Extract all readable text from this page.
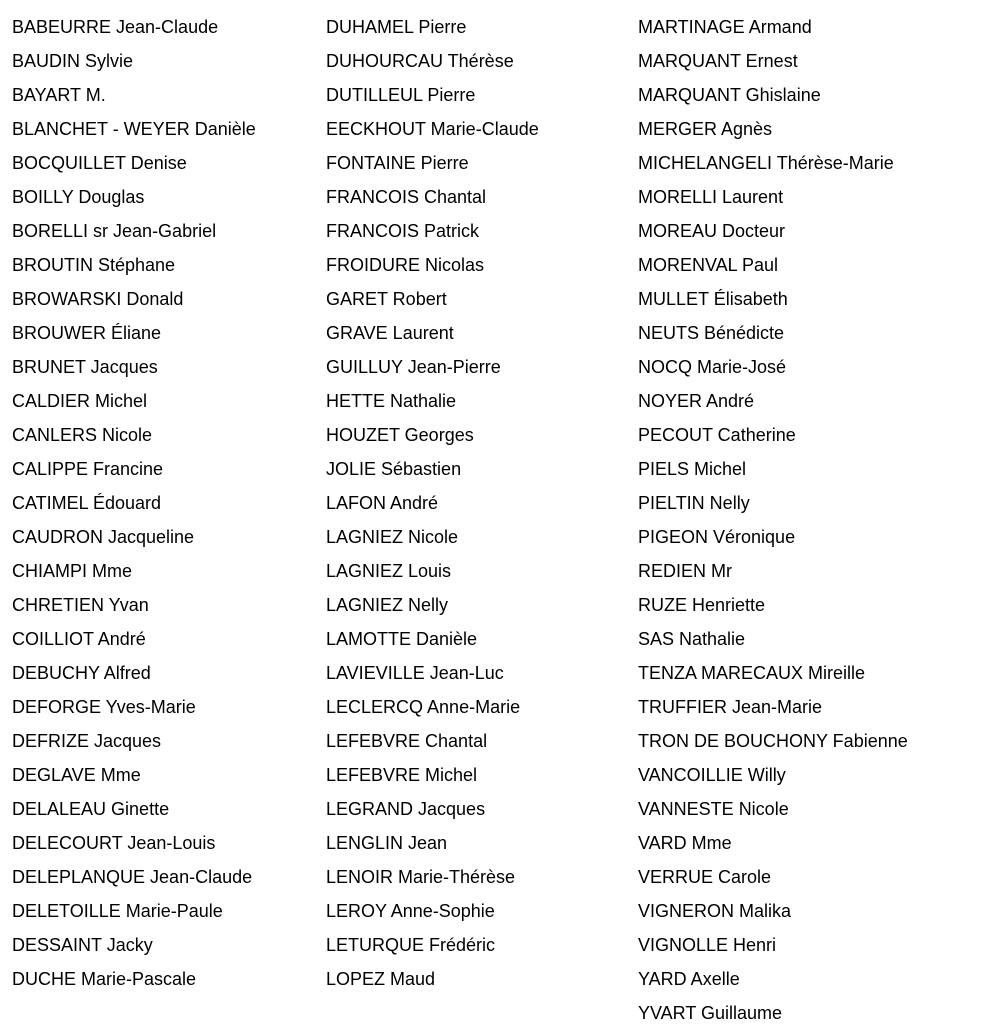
BABEURRE Jean-Claude
BAUDIN Sylvie
BAYART M.
BLANCHET - WEYER Danièle
BOCQUILLET Denise
BOILLY Douglas
BORELLI sr Jean-Gabriel
BROUTIN Stéphane
BROWARSKI Donald
BROUWER Éliane
BRUNET Jacques
CALDIER Michel
CANLERS Nicole
CALIPPE Francine
CATIMEL Édouard
CAUDRON Jacqueline
CHIAMPI Mme
CHRETIEN Yvan
COILLIOT André
DEBUCHY Alfred
DEFORGE Yves-Marie
DEFRIZE Jacques
DEGLAVE Mme
DELALEAU Ginette
DELECOURT Jean-Louis
DELEPLANQUE Jean-Claude
DELETOILLE Marie-Paule
DESSAINT Jacky
DUCHE Marie-Pascale
DUHAMEL Pierre
DUHOURCAU Thérèse
DUTILLEUL Pierre
EECKHOUT Marie-Claude
FONTAINE Pierre
FRANCOIS Chantal
FRANCOIS Patrick
FROIDURE Nicolas
GARET Robert
GRAVE Laurent
GUILLUY Jean-Pierre
HETTE Nathalie
HOUZET Georges
JOLIE Sébastien
LAFON André
LAGNIEZ Nicole
LAGNIEZ Louis
LAGNIEZ Nelly
LAMOTTE Danièle
LAVIEVILLE Jean-Luc
LECLERCQ Anne-Marie
LEFEBVRE Chantal
LEFEBVRE Michel
LEGRAND Jacques
LENGLIN Jean
LENOIR Marie-Thérèse
LEROY Anne-Sophie
LETURQUE Frédéric
LOPEZ Maud
MARTINAGE Armand
MARQUANT Ernest
MARQUANT Ghislaine
MERGER Agnès
MICHELANGELI Thérèse-Marie
MORELLI Laurent
MOREAU Docteur
MORENVAL Paul
MULLET Élisabeth
NEUTS Bénédicte
NOCQ Marie-José
NOYER André
PECOUT Catherine
PIELS Michel
PIELTIN Nelly
PIGEON Véronique
REDIEN Mr
RUZE Henriette
SAS Nathalie
TENZA MARECAUX Mireille
TRUFFIER Jean-Marie
TRON DE BOUCHONY Fabienne
VANCOILLIE Willy
VANNESTE Nicole
VARD Mme
VERRUE Carole
VIGNERON Malika
VIGNOLLE Henri
YARD Axelle
YVART Guillaume
